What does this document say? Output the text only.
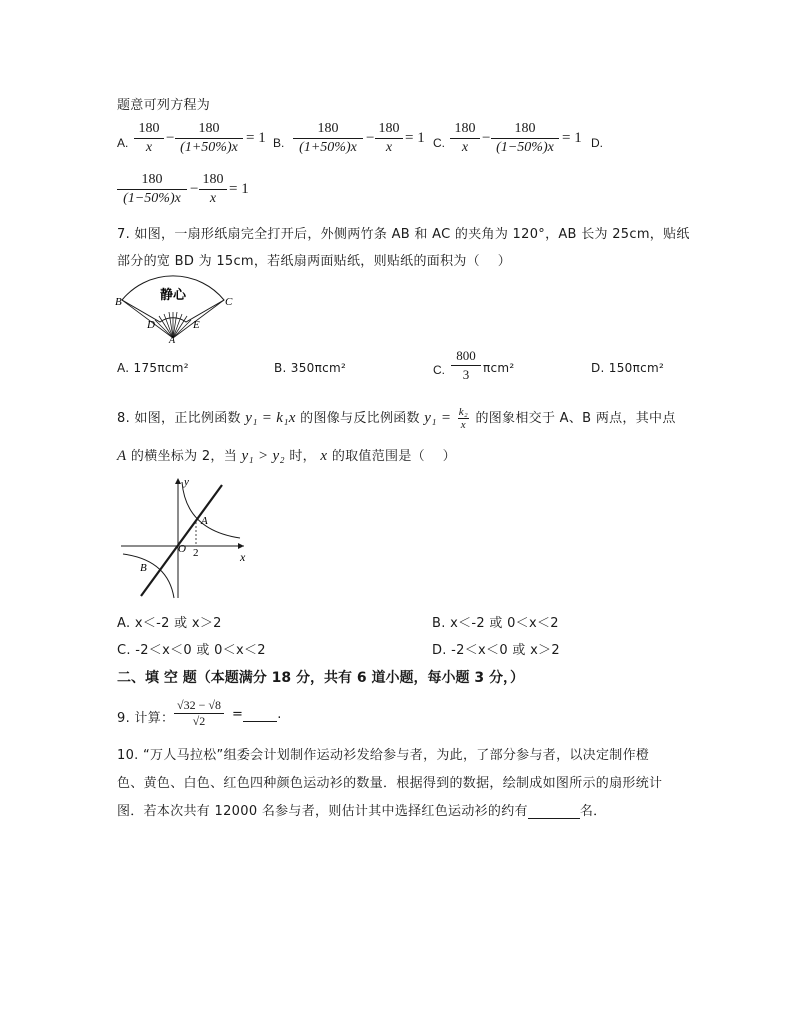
题意可列方程为
A. $\frac{180}{x} - \frac{180}{(1+50\%)x} = 1$ B. $\frac{180}{(1+50\%)x} - \frac{180}{x} = 1$ C. $\frac{180}{x} - \frac{180}{(1-50\%)x} = 1$ D.
$\frac{180}{(1-50\%)x} - \frac{180}{x} = 1$
7. 如图，一扇形纸扇完全打开后，外侧两竹条 AB 和 AC 的夹角为 120°，AB 长为 25cm，贴纸
部分的宽 BD 为 15cm，若纸扇两面贴纸，则贴纸的面积为（　 ）
静心
B	C
D	E
A
A. 175πcm²	B. 350πcm²	C. $\frac{800}{3} \pi cm^2$	D. 150πcm²
8. 如图，正比例函数 y₁ = k₁x 的图像与反比例函数 $y_1 = \frac{\text{k₂}}{x}$ 的图象相交于 A、B 两点，其中点
A 的横坐标为 2，当 y₁ > y₂ 时， x 的取值范围是（　 ）
y
x
O 2
A
B
A. x＜-2 或 x＞2	B. x＜-2 或 0＜x＜2
C. -2＜x＜0 或 0＜x＜2	D. -2＜x＜0 或 x＞2
二、填 空 题（本题满分 18 分，共有 6 道小题，每小题 3 分，）
9. 计算： $\frac{√32 - √8}{√2}$ =	.
10. “万人马拉松”组委会计划制作运动衫发给参与者，为此，了部分参与者，以决定制作橙
色、黄色、白色、红色四种颜色运动衫的数量．根据得到的数据，绘制成如图所示的扇形统计
图．若本次共有 12000 名参与者，则估计其中选择红色运动衫的约有	名．
